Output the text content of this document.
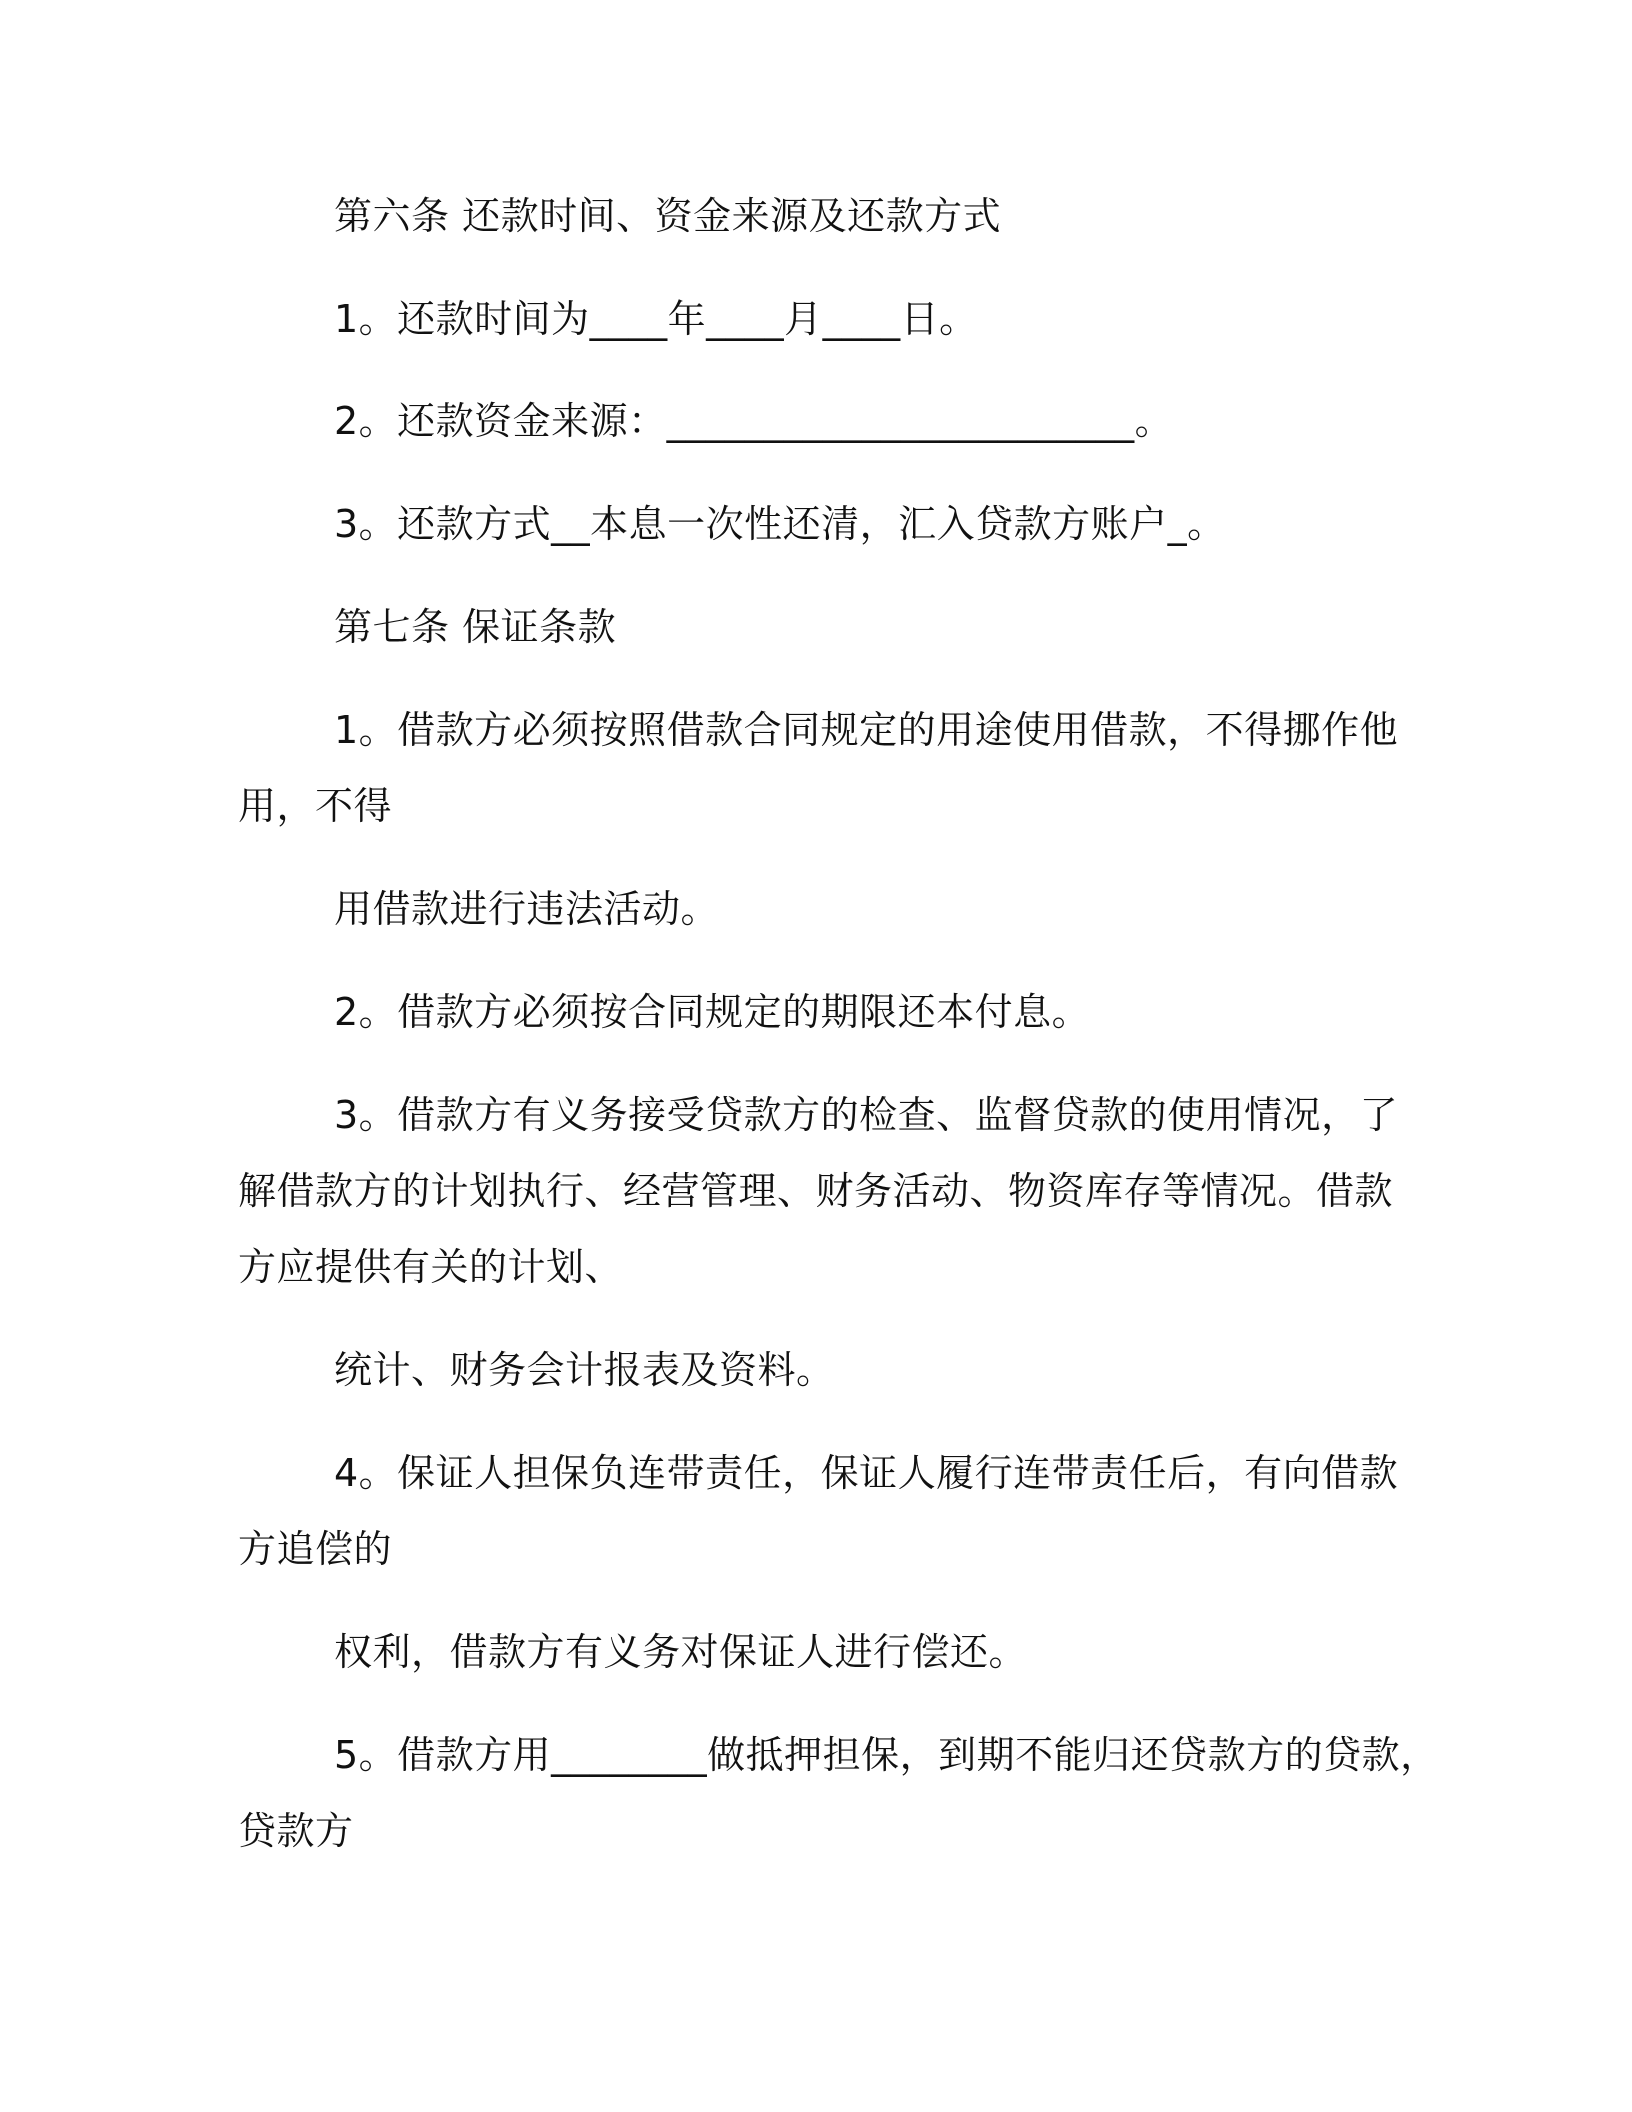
第六条 还款时间、资金来源及还款方式
1。还款时间为____年____月____日。
2。还款资金来源：________________________。
3。还款方式__本息一次性还清，汇入贷款方账户_。
第七条 保证条款
1。借款方必须按照借款合同规定的用途使用借款，不得挪作他
用，不得
用借款进行违法活动。
2。借款方必须按合同规定的期限还本付息。
3。借款方有义务接受贷款方的检查、监督贷款的使用情况，了
解借款方的计划执行、经营管理、财务活动、物资库存等情况。借款
方应提供有关的计划、
统计、财务会计报表及资料。
4。保证人担保负连带责任，保证人履行连带责任后，有向借款
方追偿的
权利，借款方有义务对保证人进行偿还。
5。借款方用________做抵押担保，到期不能归还贷款方的贷款，
贷款方
